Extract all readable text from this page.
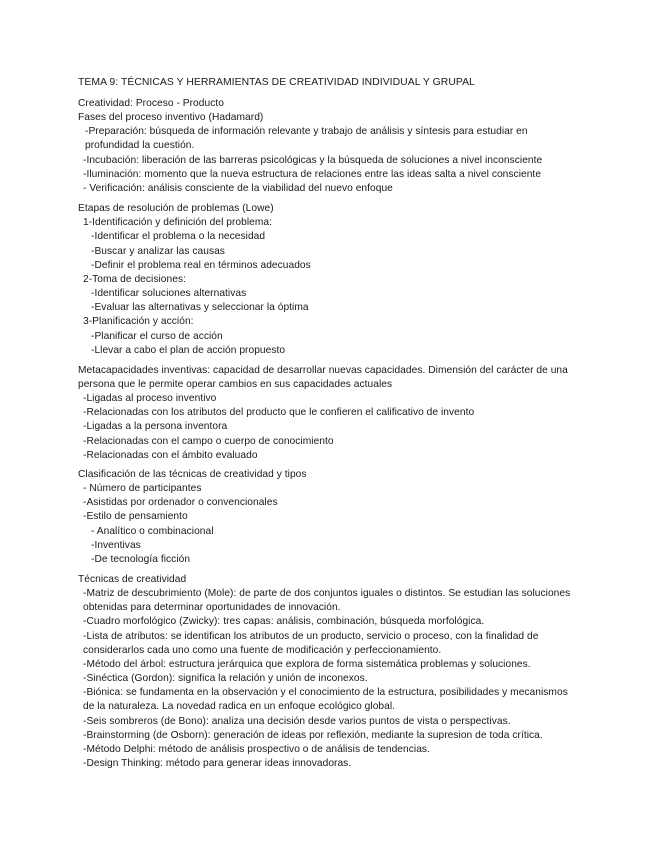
TEMA 9: TÉCNICAS Y HERRAMIENTAS DE CREATIVIDAD INDIVIDUAL Y GRUPAL
Creatividad: Proceso - Producto
Fases del proceso inventivo (Hadamard)
-Preparación: búsqueda de información relevante y trabajo de análisis y síntesis para estudiar en profundidad la cuestión.
-Incubación: liberación de las barreras psicológicas y la búsqueda de soluciones a nivel inconsciente
-Iluminación: momento que la nueva estructura de relaciones entre las ideas salta a nivel consciente
- Verificación: análisis consciente de la viabilidad del nuevo enfoque
Etapas de resolución de problemas (Lowe)
1-Identificación y definición del problema:
-Identificar el problema o la necesidad
-Buscar y analizar las causas
-Definir el problema real en términos adecuados
2-Toma de decisiones:
-Identificar soluciones alternativas
-Evaluar las alternativas y seleccionar la óptima
3-Planificación y acción:
-Planificar el curso de acción
-Llevar a cabo el plan de acción propuesto
Metacapacidades inventivas: capacidad de desarrollar nuevas capacidades. Dimensión del carácter de una persona que le permite operar cambios en sus capacidades actuales
-Ligadas al proceso inventivo
-Relacionadas con los atributos del producto que le confieren el calificativo de invento
-Ligadas a la persona inventora
-Relacionadas con el campo o cuerpo de conocimiento
-Relacionadas con el ámbito evaluado
Clasificación de las técnicas de creatividad y tipos
- Número de participantes
-Asistidas por ordenador o convencionales
-Estilo de pensamiento
- Analítico o combinacional
-Inventivas
-De tecnología ficción
Técnicas de creatividad
-Matriz de descubrimiento (Mole): de parte de dos conjuntos iguales o distintos. Se estudian las soluciones obtenidas para determinar oportunidades de innovación.
-Cuadro morfológico (Zwicky): tres capas: análisis, combinación, búsqueda morfológica.
-Lista de atributos: se identifican los atributos de un producto, servicio o proceso, con la finalidad de considerarlos cada uno como una fuente de modificación y perfeccionamiento.
-Método del árbol: estructura jerárquica que explora de forma sistemática problemas y soluciones.
-Sinéctica (Gordon): significa la relación y unión de inconexos.
-Biónica: se fundamenta en la observación y el conocimiento de la estructura, posibilidades y mecanismos de la naturaleza. La novedad radica en un enfoque ecológico global.
-Seis sombreros (de Bono): analiza una decisión desde varios puntos de vista o perspectivas.
-Brainstorming (de Osborn): generación de ideas por reflexión, mediante la supresion de toda crítica.
-Método Delphi: método de análisis prospectivo o de análisis de tendencias.
-Design Thinking: método para generar ideas innovadoras.
